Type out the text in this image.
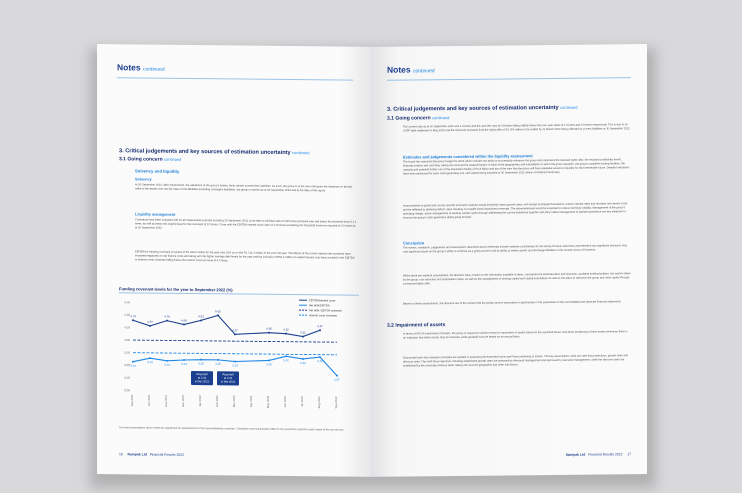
Notes continued
3. Critical judgements and key sources of estimation uncertainty continued
3.1 Going concern continued
Solvency and liquidity
Solvency
At 30 September 2022, after impairments, the valuations of the group's assets, fairly valued, exceed their liabilities. As such, the group is of the view that given the headroom in the fair value of the assets over the fair value of the liabilities (including contingent liabilities), the group is solvent as at 30 September 2022 and at the date of this report.
Liquidity management
Covenants have been complied with for all measurement periods including 30 September 2022. A net debt to EBITDA ratio of 3.85 times achieved was well below the threshold limit of 3.5 times, as well as below the original level for this covenant of 3.0 times. Cover with the EBITDA interest cover ratio of 3.14 times exceeding the threshold minimum required of 3.0 times as at 30 September 2022.
EBITDA for banking covenant purposes of R1 924.5 million for the year was 12% up on the R1 714.2 million of the prior full year. The effects of the recent interest rate increases have impacted negatively on net finance costs and along with the higher average debt levels for the year and the inclusion of R66.2 million of related interest cost have resulted in the EBITDA to interest cover covenant falling below the historic minimum level of 4.0 times.
Funding covenant levels for the year to September 2022 (%)
5.50
5.00
4.50
4.00
3.50
3.00
2.50
2.00
Sep 2021	Oct 2021	Nov 2021	Dec 2021	Jan 2022	Feb 2022	Mar 2022	Apr 2022	May 2022	Jun 2022	Jul 2022	Aug 2022	Sep 2022
4.79
4.57
4.79
4.64
4.81
5.02
4.27	4.35	4.32
4.21
4.47
3.14
3.29
3.19	3.23	3.25	3.25	3.19	3.25
3.42
3.32	3.40
2.67
EBITDA/interest cover
Net debt/EBITDA
Net debt: EBITDA covenant
Interest cover covenant
Reported
at 3.34
in Dec 2021
Reported
at 3.32
in Mar 2022
Covenant computations above reflect the adjustment for apportionment of the hyperinflationary economy – Zimbabwe and may therefore differ for the covenants reported in past reports of the current year.
16 Nampak Ltd Financial Results 2022
Notes continued
3. Critical judgements and key sources of estimation uncertainty continued
3.1 Going concern continued
The current ratio as at 30 September 2022 was 1.4 times and the acid test ratio at 0.8 times falling slightly below the prior year ratios of 1.5 times and 0.9 times respectively. This is due to all USPP debt settlement in May 2023 and the minimum proceeds from the rights offer of R1 350 million to be settled by 31 March 2023 being reflected as current liabilities at 30 September 2022.
Estimates and judgements considered within the liquidity assessment
The board has assessed the group budget for 2023 which includes the ability to successfully refinance the group and implement the required rights offer, the resultant profitability levels, financial position and cash flow, taking into account the material factors in each of the geographies and subsidiaries in which the group operates, the group's available funding facilities, the capacity and potential further use of the acquisition facility of R1.8 billion and are of the view that the group will have adequate access to liquidity for the foreseeable future. Detailed valuations have been performed for each cash-generating unit, with assets being impaired at 30 September 2022 where considered necessary.
Improvements in global and country specific economic outlooks would positively impact growth rates, with foreign exchange fluctuations, reduce interest rates and resultant net interest costs and be reflected in declining WACC rates resulting in possible asset impairment reversals. The aforementioned would be expected to reduce earnings volatility. Management of the group's operating margin, active management of working capital cycles through addressing the current imbalance together with the prudent management of capital expenditure are key initiatives to improve the group's cash generative ability going forward.
Conclusion
The events, conditions, judgements and assumptions described above inherently include material uncertainties as the timing of future cash flows and therefore any significant decisions may cast significant doubt on the group's ability to continue as a going concern and its ability to realise assets and discharge liabilities in the normal course of business.
Whilst there are material uncertainties, the directors have, based on the information available to them, considered the financial plans and forecasts, available funding facilities, the actions taken by the group, cost reduction and optimisation plans, as well as the management of working capital and capital expenditure as well as the plans to refinance the group and raise capital through a proposed rights offer.
Based on these assessments, the directors are of the opinion that the going concern assumption is appropriate in the preparation of the consolidated and separate financial statements.
3.2 Impairment of assets
In terms of IAS 36 Impairment of Assets, the group is required to perform tests for impairment of assets based on the expected future cash flows pertaining to these assets whenever there is an indication that these assets may be impaired, while goodwill must be tested on an annual basis.
Discounted cash flow valuation principles are applied in assessing the expected future cash flows pertaining to assets. The key assumptions used are cash flow projections, growth rates and discount rates. The cash flow projections including established growth rates are prepared by divisional management and approved by executive management, while the discount rates are established by the corporate treasury team, taking into account geographic and other risk factors.
Nampak Ltd Financial Results 2022 17
